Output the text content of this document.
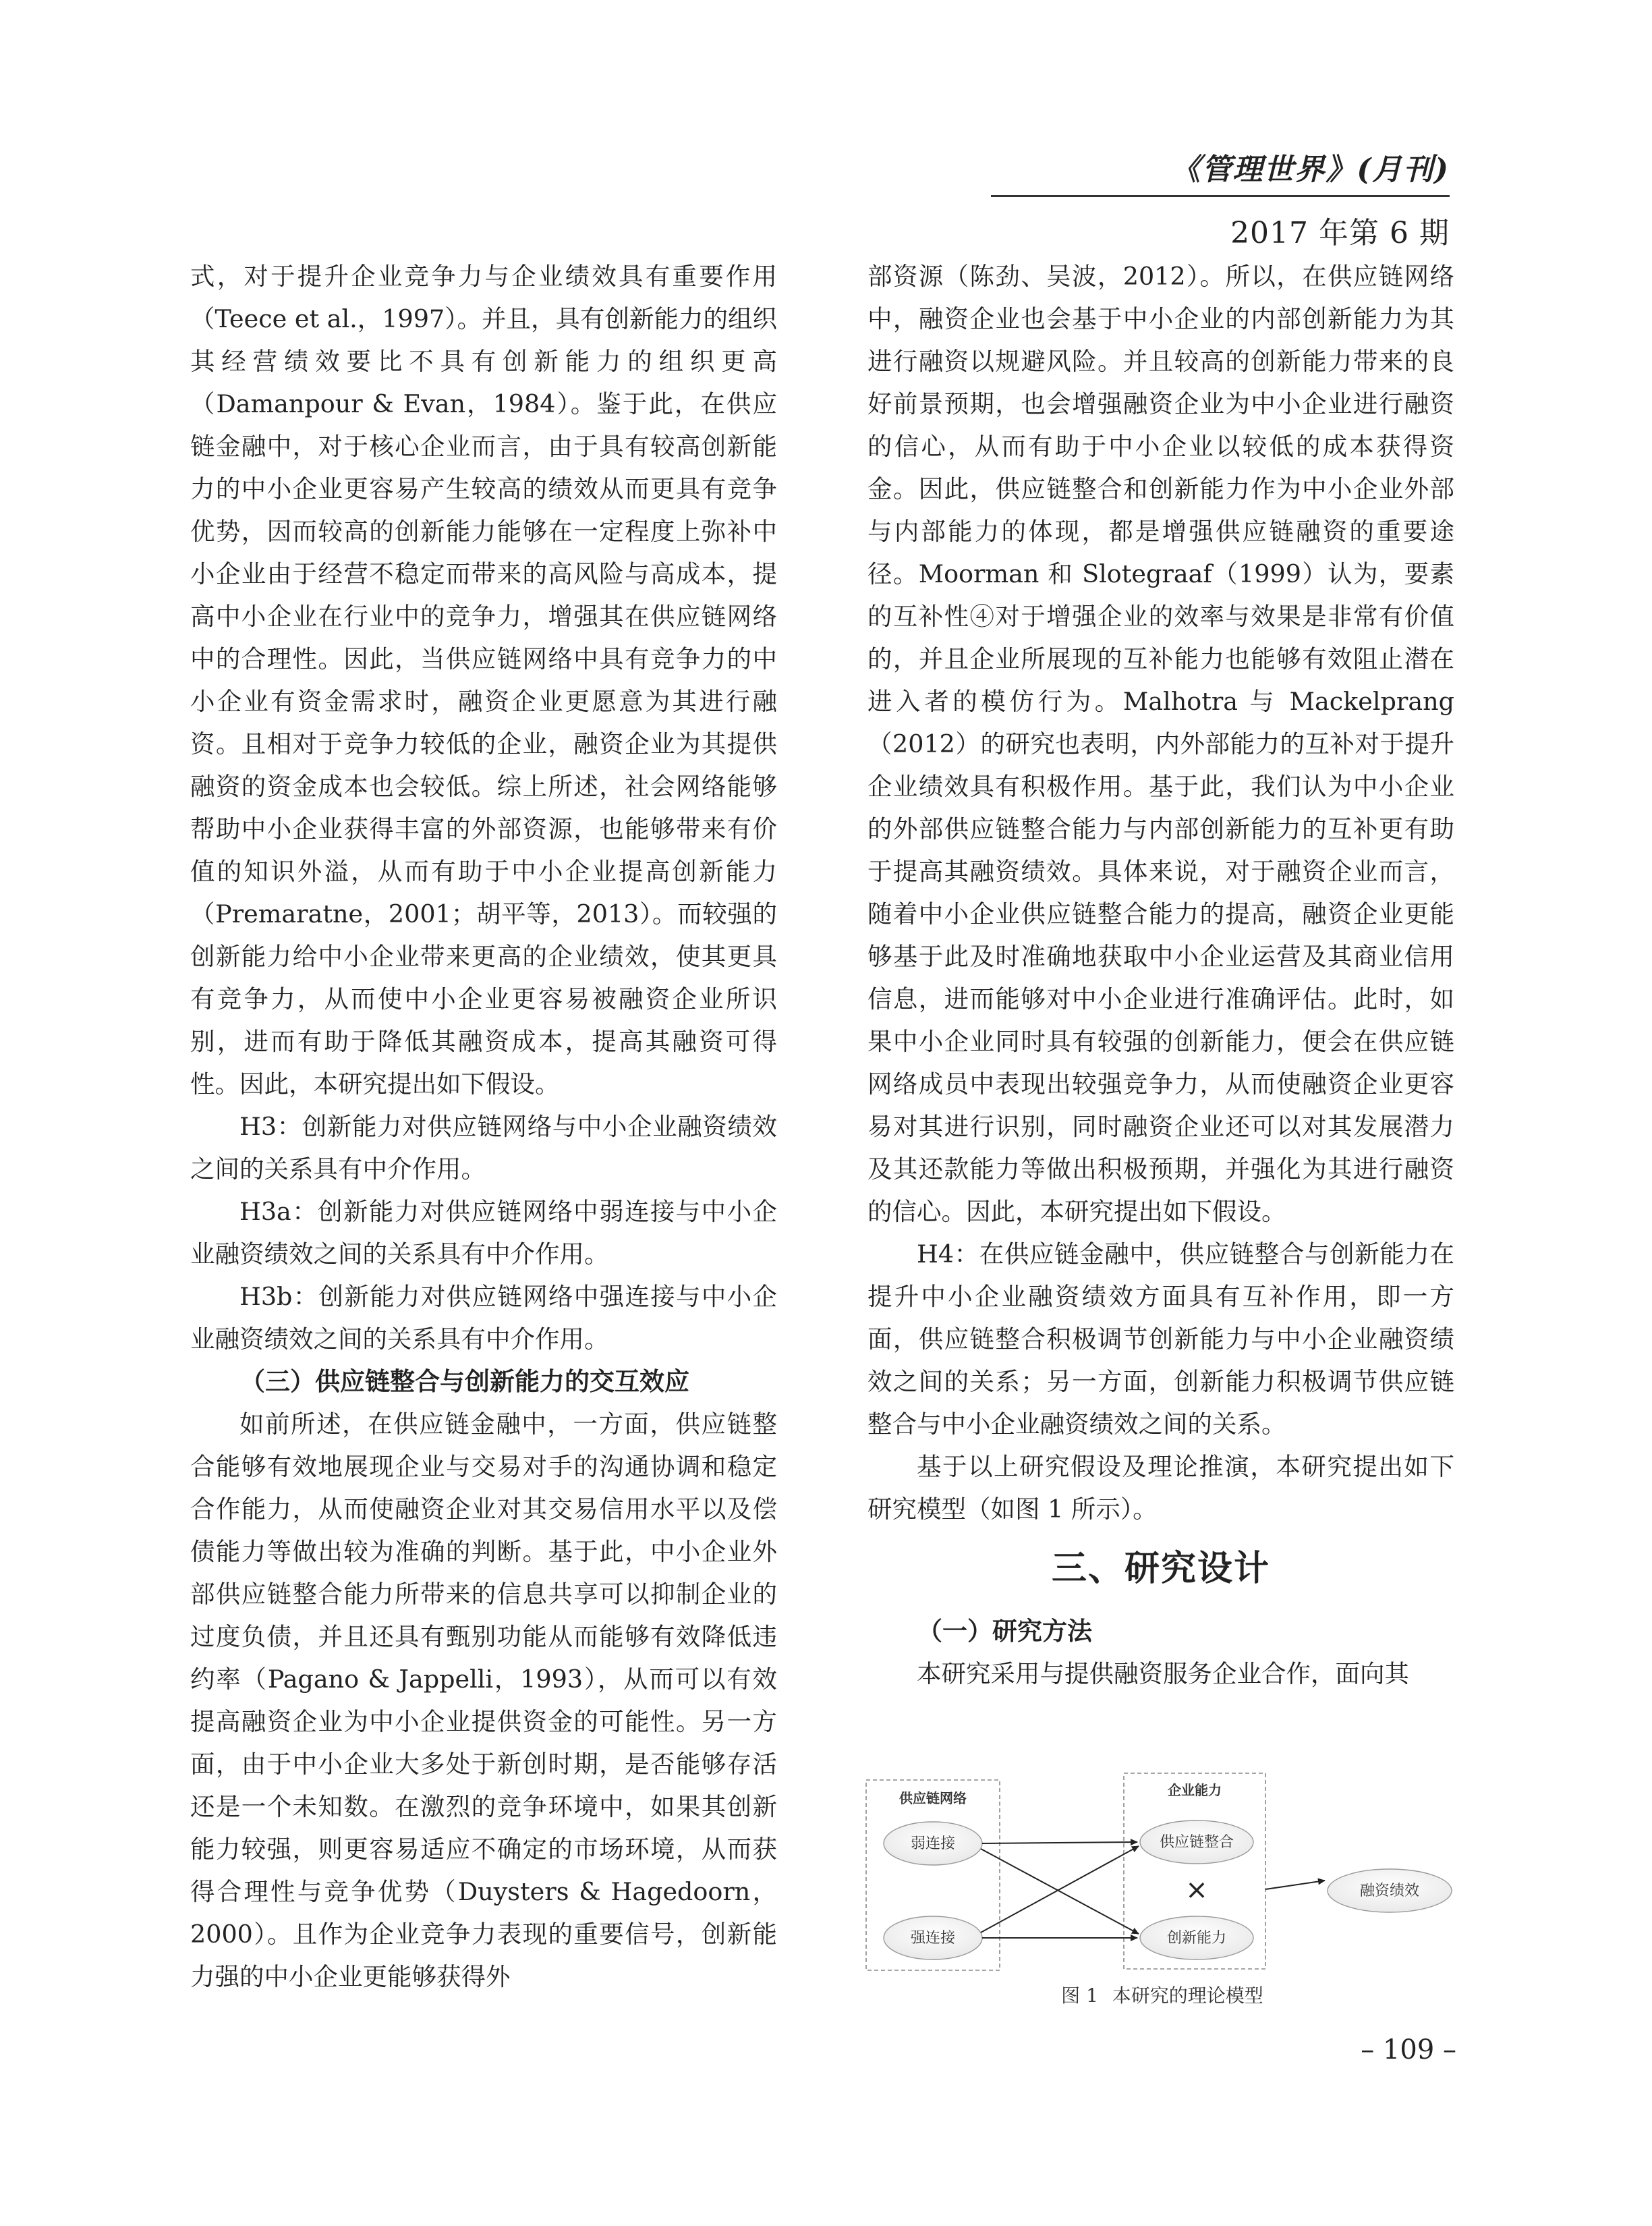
《管理世界》(月刊)
2017 年第 6 期

式，对于提升企业竞争力与企业绩效具有重要作用（Teece et al.，1997）。并且，具有创新能力的组织其经营绩效要比不具有创新能力的组织更高（Damanpour & Evan，1984）。鉴于此，在供应链金融中，对于核心企业而言，由于具有较高创新能力的中小企业更容易产生较高的绩效从而更具有竞争优势，因而较高的创新能力能够在一定程度上弥补中小企业由于经营不稳定而带来的高风险与高成本，提高中小企业在行业中的竞争力，增强其在供应链网络中的合理性。因此，当供应链网络中具有竞争力的中小企业有资金需求时，融资企业更愿意为其进行融资。且相对于竞争力较低的企业，融资企业为其提供融资的资金成本也会较低。综上所述，社会网络能够帮助中小企业获得丰富的外部资源，也能够带来有价值的知识外溢，从而有助于中小企业提高创新能力（Premaratne，2001；胡平等，2013）。而较强的创新能力给中小企业带来更高的企业绩效，使其更具有竞争力，从而使中小企业更容易被融资企业所识别，进而有助于降低其融资成本，提高其融资可得性。因此，本研究提出如下假设。

H3：创新能力对供应链网络与中小企业融资绩效之间的关系具有中介作用。

H3a：创新能力对供应链网络中弱连接与中小企业融资绩效之间的关系具有中介作用。

H3b：创新能力对供应链网络中强连接与中小企业融资绩效之间的关系具有中介作用。

（三）供应链整合与创新能力的交互效应

如前所述，在供应链金融中，一方面，供应链整合能够有效地展现企业与交易对手的沟通协调和稳定合作能力，从而使融资企业对其交易信用水平以及偿债能力等做出较为准确的判断。基于此，中小企业外部供应链整合能力所带来的信息共享可以抑制企业的过度负债，并且还具有甄别功能从而能够有效降低违约率（Pagano & Jappelli，1993），从而可以有效提高融资企业为中小企业提供资金的可能性。另一方面，由于中小企业大多处于新创时期，是否能够存活还是一个未知数。在激烈的竞争环境中，如果其创新能力较强，则更容易适应不确定的市场环境，从而获得合理性与竞争优势（Duysters & Hagedoorn，2000）。且作为企业竞争力表现的重要信号，创新能力强的中小企业更能够获得外

部资源（陈劲、吴波，2012）。所以，在供应链网络中，融资企业也会基于中小企业的内部创新能力为其进行融资以规避风险。并且较高的创新能力带来的良好前景预期，也会增强融资企业为中小企业进行融资的信心，从而有助于中小企业以较低的成本获得资金。因此，供应链整合和创新能力作为中小企业外部与内部能力的体现，都是增强供应链融资的重要途径。Moorman 和 Slotegraaf（1999）认为，要素的互补性④对于增强企业的效率与效果是非常有价值的，并且企业所展现的互补能力也能够有效阻止潜在进入者的模仿行为。Malhotra 与 Mackelprang（2012）的研究也表明，内外部能力的互补对于提升企业绩效具有积极作用。基于此，我们认为中小企业的外部供应链整合能力与内部创新能力的互补更有助于提高其融资绩效。具体来说，对于融资企业而言，随着中小企业供应链整合能力的提高，融资企业更能够基于此及时准确地获取中小企业运营及其商业信用信息，进而能够对中小企业进行准确评估。此时，如果中小企业同时具有较强的创新能力，便会在供应链网络成员中表现出较强竞争力，从而使融资企业更容易对其进行识别，同时融资企业还可以对其发展潜力及其还款能力等做出积极预期，并强化为其进行融资的信心。因此，本研究提出如下假设。

H4：在供应链金融中，供应链整合与创新能力在提升中小企业融资绩效方面具有互补作用，即一方面，供应链整合积极调节创新能力与中小企业融资绩效之间的关系；另一方面，创新能力积极调节供应链整合与中小企业融资绩效之间的关系。

基于以上研究假设及理论推演，本研究提出如下研究模型（如图 1 所示）。

三、研究设计
（一）研究方法

本研究采用与提供融资服务企业合作，面向其

供应链网络	企业能力
弱连接
强连接
供应链整合
创新能力
×	融资绩效
图 1 本研究的理论模型
– 109 –
